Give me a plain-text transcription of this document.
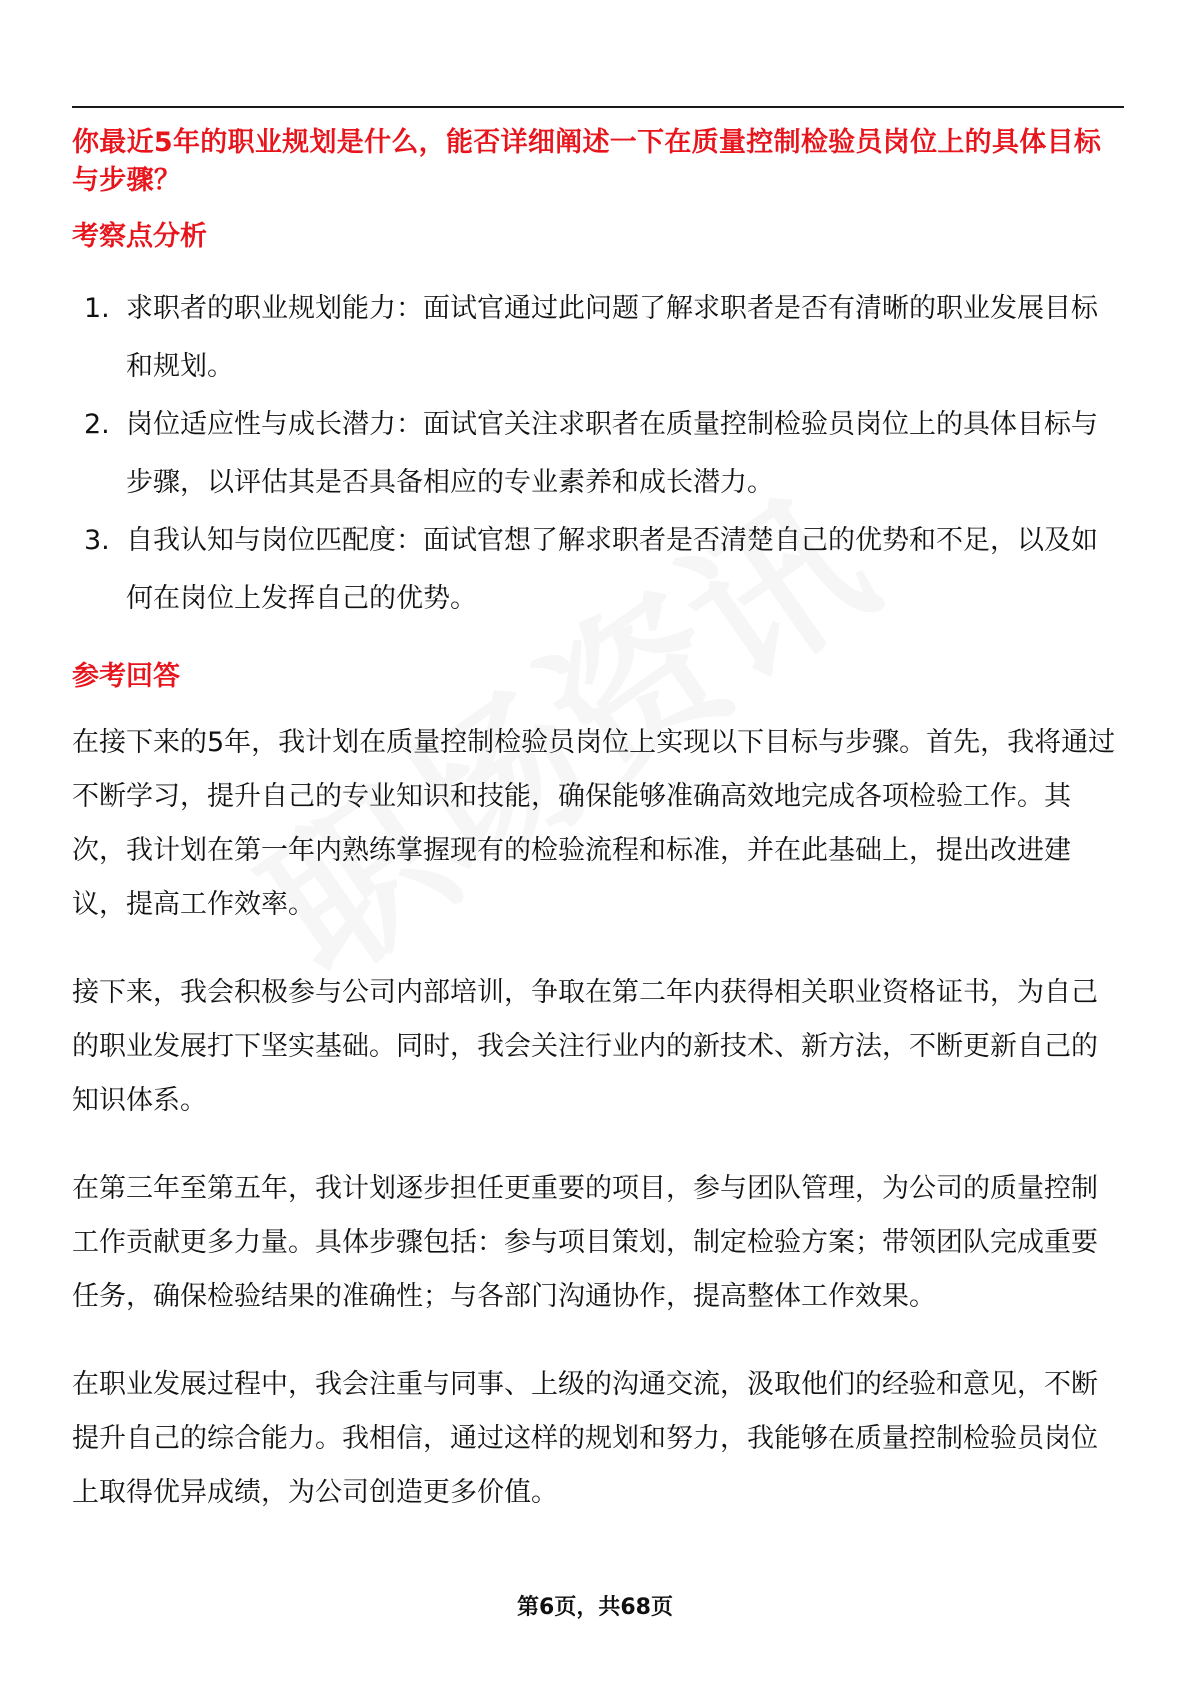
你最近5年的职业规划是什么，能否详细阐述一下在质量控制检验员岗位上的具体目标与步骤？
考察点分析
1. 求职者的职业规划能力：面试官通过此问题了解求职者是否有清晰的职业发展目标和规划。
2. 岗位适应性与成长潜力：面试官关注求职者在质量控制检验员岗位上的具体目标与步骤，以评估其是否具备相应的专业素养和成长潜力。
3. 自我认知与岗位匹配度：面试官想了解求职者是否清楚自己的优势和不足，以及如何在岗位上发挥自己的优势。
参考回答

在接下来的5年，我计划在质量控制检验员岗位上实现以下目标与步骤。首先，我将通过不断学习，提升自己的专业知识和技能，确保能够准确高效地完成各项检验工作。其次，我计划在第一年内熟练掌握现有的检验流程和标准，并在此基础上，提出改进建议，提高工作效率。

接下来，我会积极参与公司内部培训，争取在第二年内获得相关职业资格证书，为自己的职业发展打下坚实基础。同时，我会关注行业内的新技术、新方法，不断更新自己的知识体系。

在第三年至第五年，我计划逐步担任更重要的项目，参与团队管理，为公司的质量控制工作贡献更多力量。具体步骤包括：参与项目策划，制定检验方案；带领团队完成重要任务，确保检验结果的准确性；与各部门沟通协作，提高整体工作效果。

在职业发展过程中，我会注重与同事、上级的沟通交流，汲取他们的经验和意见，不断提升自己的综合能力。我相信，通过这样的规划和努力，我能够在质量控制检验员岗位上取得优异成绩，为公司创造更多价值。

第6页，共68页
